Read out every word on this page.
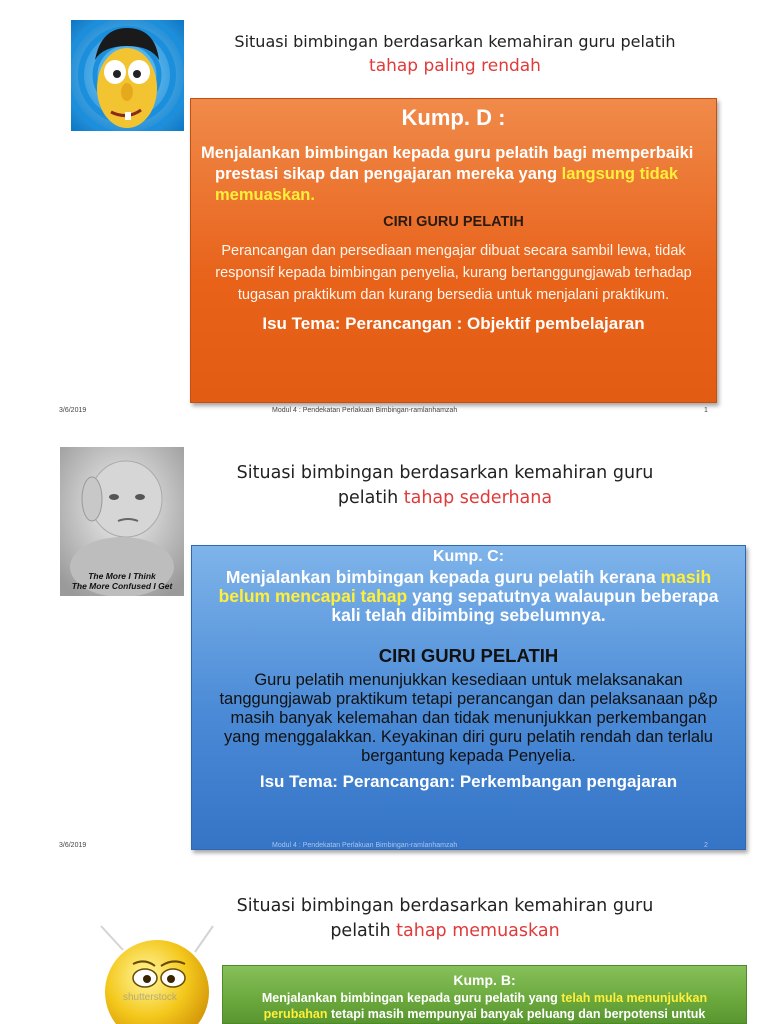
Situasi bimbingan berdasarkan kemahiran guru pelatih
tahap paling rendah
Kump. D :
Menjalankan bimbingan kepada guru pelatih bagi memperbaiki prestasi sikap dan pengajaran mereka yang langsung tidak memuaskan.
CIRI GURU PELATIH
Perancangan dan persediaan mengajar dibuat secara sambil lewa, tidak responsif kepada bimbingan penyelia, kurang bertanggungjawab terhadap tugasan praktikum dan kurang bersedia untuk menjalani praktikum.
Isu Tema: Perancangan : Objektif pembelajaran
3/6/2019	Modul 4 : Pendekatan Perlakuan Bimbingan-ramlanhamzah	1
The More I Think
The More Confused I Get
Situasi bimbingan berdasarkan kemahiran guru
pelatih tahap sederhana
Kump. C:
Menjalankan bimbingan kepada guru pelatih kerana masih belum mencapai tahap yang sepatutnya walaupun beberapa kali telah dibimbing sebelumnya.
CIRI GURU PELATIH
Guru pelatih menunjukkan kesediaan untuk melaksanakan tanggungjawab praktikum tetapi perancangan dan pelaksanaan p&p masih banyak kelemahan dan tidak menunjukkan perkembangan yang menggalakkan. Keyakinan diri guru pelatih rendah dan terlalu bergantung kepada Penyelia.
Isu Tema: Perancangan: Perkembangan pengajaran
3/6/2019	Modul 4 : Pendekatan Perlakuan Bimbingan-ramlanhamzah	2
Situasi bimbingan berdasarkan kemahiran guru
pelatih tahap memuaskan
shutterstock
Kump. B:
Menjalankan bimbingan kepada guru pelatih yang telah mula menunjukkan perubahan tetapi masih mempunyai banyak peluang dan berpotensi untuk
